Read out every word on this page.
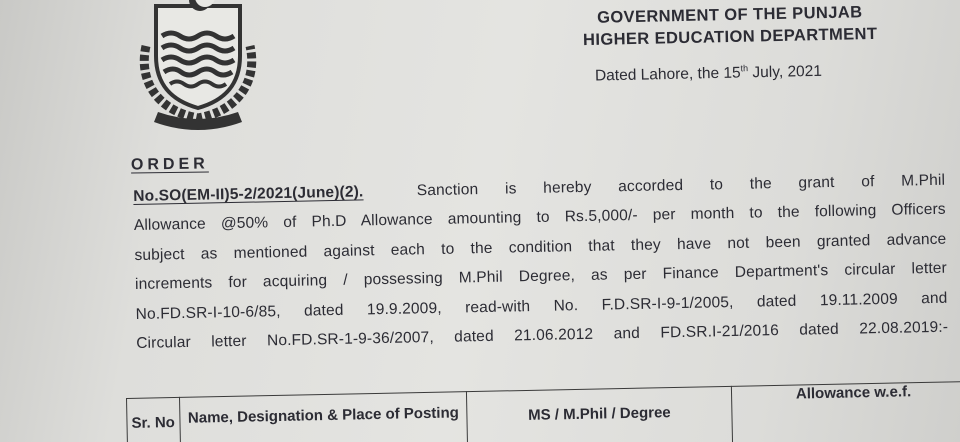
GOVERNMENT OF THE PUNJAB
HIGHER EDUCATION DEPARTMENT
Dated Lahore, the 15th July, 2021
ORDER
No.SO(EM-II)5-2/2021(June)(2).	Sanction is hereby accorded to the grant of M.Phil
Allowance @50% of Ph.D Allowance amounting to Rs.5,000/- per month to the following Officers
subject as mentioned against each to the condition that they have not been granted advance
increments for acquiring / possessing M.Phil Degree, as per Finance Department's circular letter
No.FD.SR-I-10-6/85, dated 19.9.2009, read-with No. F.D.SR-I-9-1/2005, dated 19.11.2009 and
Circular letter No.FD.SR-1-9-36/2007, dated 21.06.2012 and FD.SR.I-21/2016 dated 22.08.2019:-
Sr. No	Name, Designation & Place of Posting	MS / M.Phil / Degree	Allowance w.e.f.
